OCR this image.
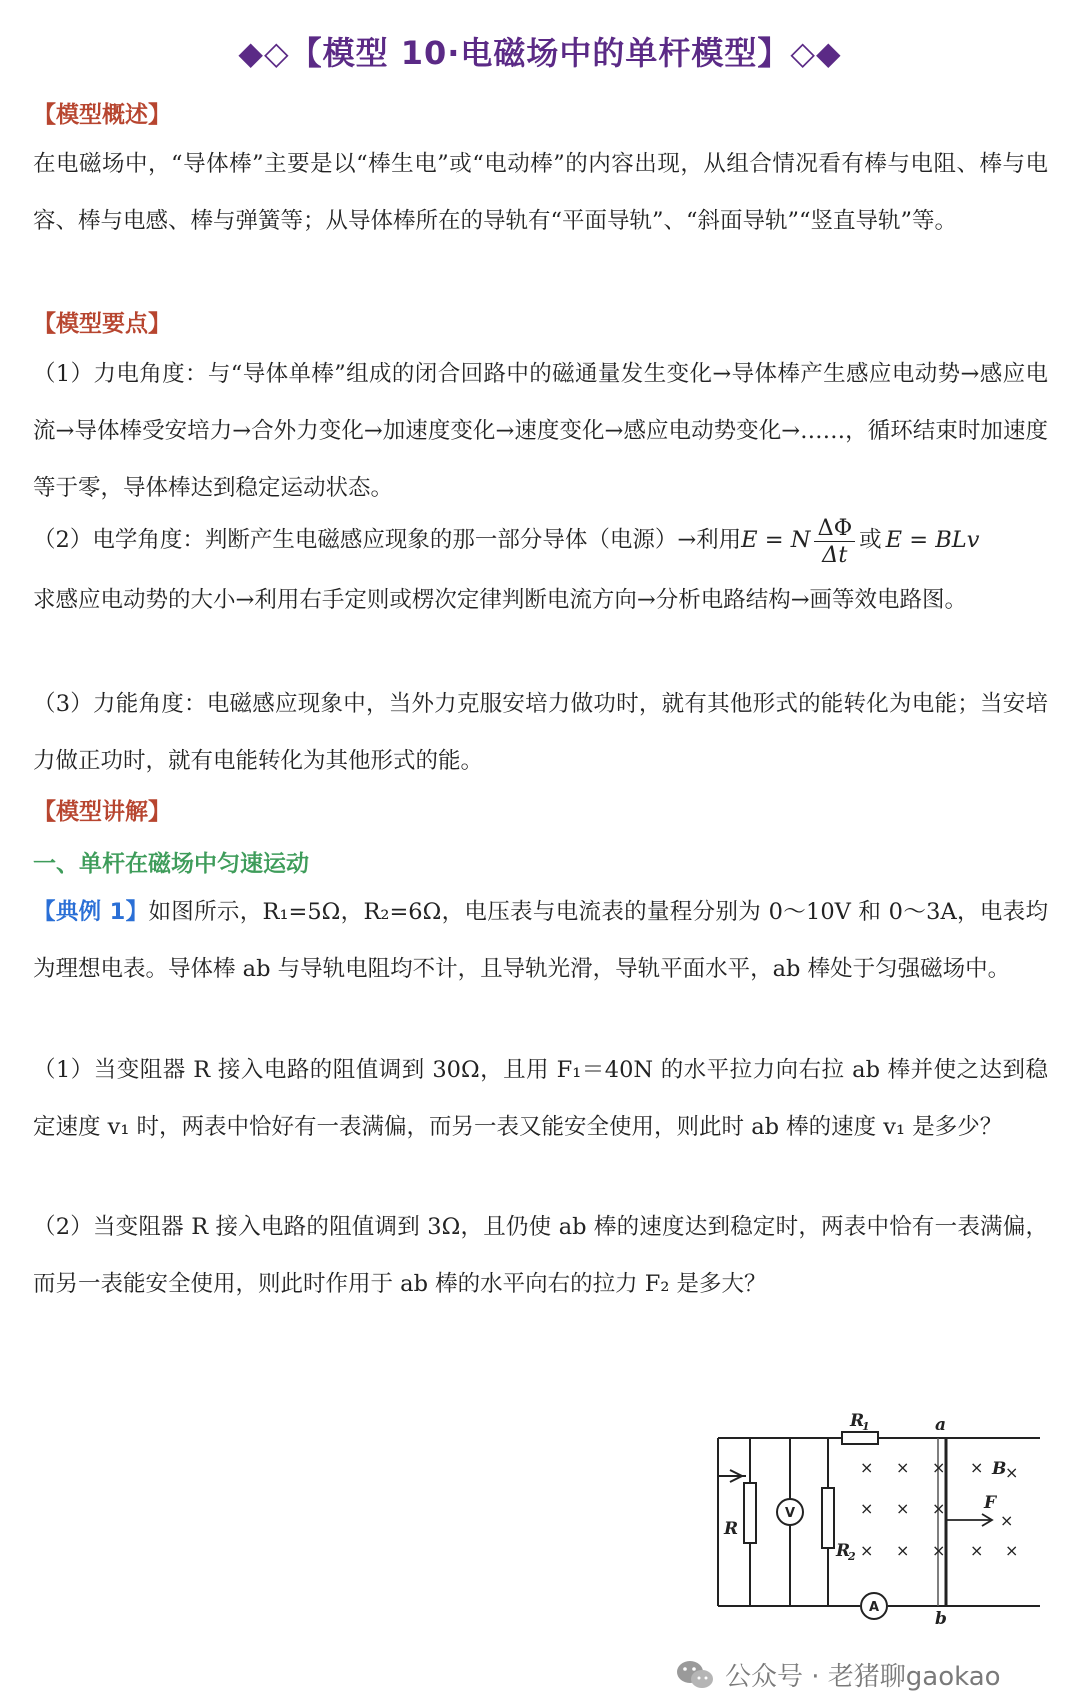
◆◇【模型 10·电磁场中的单杆模型】◇◆
【模型概述】
在电磁场中，“导体棒”主要是以“棒生电”或“电动棒”的内容出现，从组合情况看有棒与电阻、棒与电容、棒与电感、棒与弹簧等；从导体棒所在的导轨有“平面导轨”、“斜面导轨”“竖直导轨”等。
【模型要点】
（1）力电角度：与“导体单棒”组成的闭合回路中的磁通量发生变化→导体棒产生感应电动势→感应电流→导体棒受安培力→合外力变化→加速度变化→速度变化→感应电动势变化→……，循环结束时加速度等于零，导体棒达到稳定运动状态。
（2）电学角度：判断产生电磁感应现象的那一部分导体（电源）→利用E = N $\frac{\Delta\Phi}{\Delta t}$ 或 E = BLv
求感应电动势的大小→利用右手定则或楞次定律判断电流方向→分析电路结构→画等效电路图。
（3）力能角度：电磁感应现象中，当外力克服安培力做功时，就有其他形式的能转化为电能；当安培力做正功时，就有电能转化为其他形式的能。
【模型讲解】
一、单杆在磁场中匀速运动
【典例 1】如图所示，R₁=5Ω，R₂=6Ω，电压表与电流表的量程分别为 0～10V 和 0～3A，电表均为理想电表。导体棒 ab 与导轨电阻均不计，且导轨光滑，导轨平面水平，ab 棒处于匀强磁场中。
（1）当变阻器 R 接入电路的阻值调到 30Ω，且用 F₁＝40N 的水平拉力向右拉 ab 棒并使之达到稳定速度 v₁ 时，两表中恰好有一表满偏，而另一表又能安全使用，则此时 ab 棒的速度 v₁ 是多少？
（2）当变阻器 R 接入电路的阻值调到 3Ω，且仍使 ab 棒的速度达到稳定时，两表中恰有一表满偏，而另一表能安全使用，则此时作用于 ab 棒的水平向右的拉力 F₂ 是多大？
× × × ×
× × ×
×
× × × × ×
×
R
1
R
2
R
a
b
B
F
V
A
公众号 · 老猪聊gaokao
